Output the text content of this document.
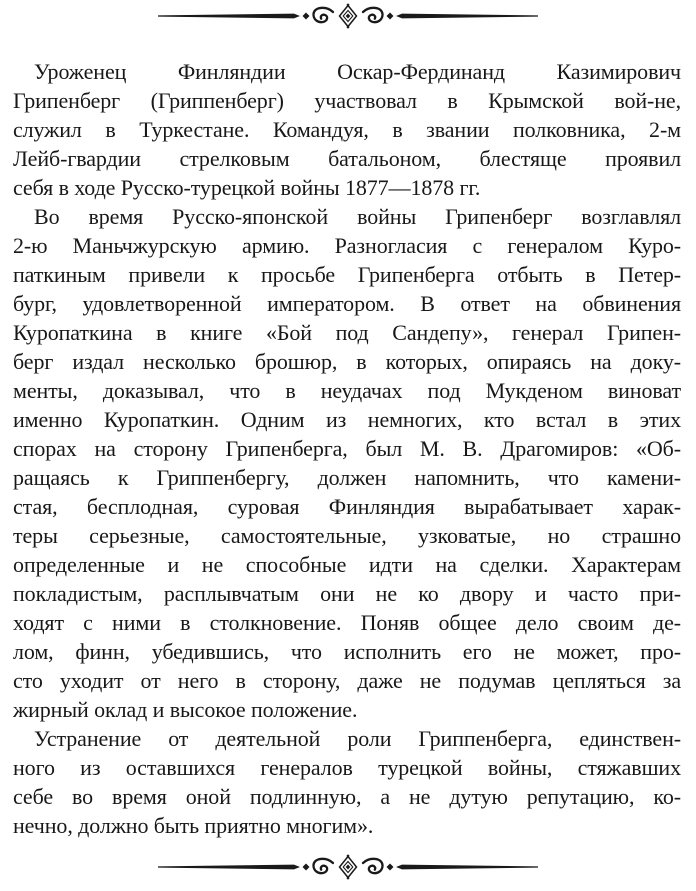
Уроженец Финляндии Оскар-Фердинанд Казимирович
Грипенберг (Гриппенберг) участвовал в Крымской вой-не,
служил в Туркестане. Командуя, в звании полковника, 2-м
Лейб-гвардии стрелковым батальоном, блестяще проявил
себя в ходе Русско-турецкой войны 1877—1878 гг.
Во время Русско-японской войны Грипенберг возглавлял
2-ю Маньчжурскую армию. Разногласия с генералом Куро-
паткиным привели к просьбе Грипенберга отбыть в Петер-
бург, удовлетворенной императором. В ответ на обвинения
Куропаткина в книге «Бой под Сандепу», генерал Грипен-
берг издал несколько брошюр, в которых, опираясь на доку-
менты, доказывал, что в неудачах под Мукденом виноват
именно Куропаткин. Одним из немногих, кто встал в этих
спорах на сторону Грипенберга, был М. В. Драгомиров: «Об-
ращаясь к Гриппенбергу, должен напомнить, что камени-
стая, бесплодная, суровая Финляндия вырабатывает харак-
теры серьезные, самостоятельные, узковатые, но страшно
определенные и не способные идти на сделки. Характерам
покладистым, расплывчатым они не ко двору и часто при-
ходят с ними в столкновение. Поняв общее дело своим де-
лом, финн, убедившись, что исполнить его не может, про-
сто уходит от него в сторону, даже не подумав цепляться за
жирный оклад и высокое положение.
Устранение от деятельной роли Гриппенберга, единствен-
ного из оставшихся генералов турецкой войны, стяжавших
себе во время оной подлинную, а не дутую репутацию, ко-
нечно, должно быть приятно многим».
